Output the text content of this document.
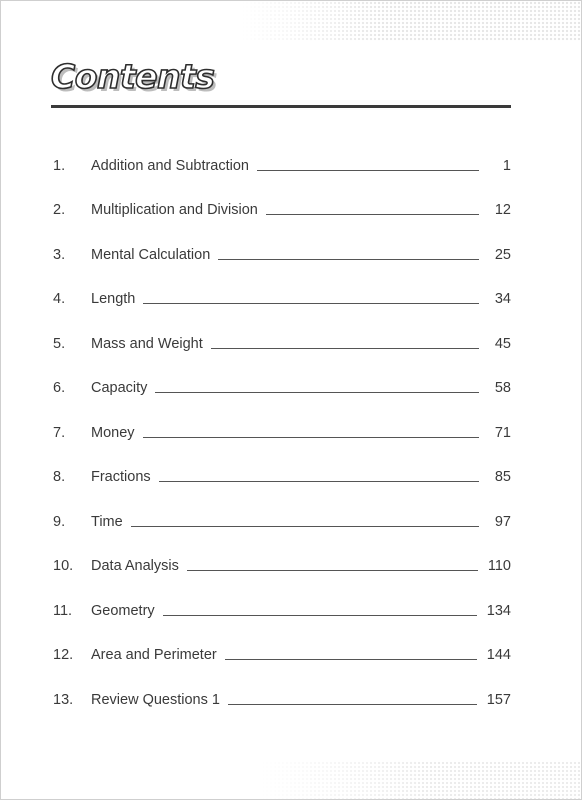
Contents
1.	Addition and Subtraction	1
2.	Multiplication and Division	12
3.	Mental Calculation	25
4.	Length	34
5.	Mass and Weight	45
6.	Capacity	58
7.	Money	71
8.	Fractions	85
9.	Time	97
10.	Data Analysis	110
11.	Geometry	134
12.	Area and Perimeter	144
13.	Review Questions 1	157
